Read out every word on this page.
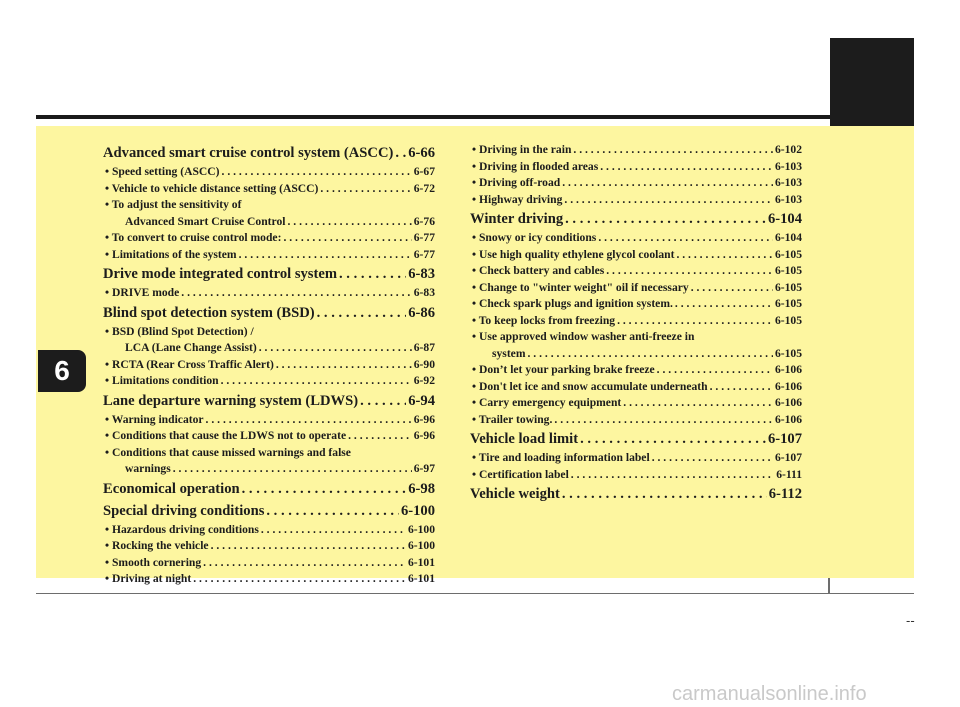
6
Advanced smart cruise control system (ASCC) . . . 6-66
• Speed setting (ASCC) . . .	6-67
• Vehicle to vehicle distance setting (ASCC) . . .	6-72
• To adjust the sensitivity of
Advanced Smart Cruise Control . . .	6-76
• To convert to cruise control mode: . . .	6-77
• Limitations of the system . . .	6-77
Drive mode integrated control system . . .	6-83
• DRIVE mode . . .	6-83
Blind spot detection system (BSD) . . .	6-86
• BSD (Blind Spot Detection) /
LCA (Lane Change Assist) . . .	6-87
• RCTA (Rear Cross Traffic Alert) . . .	6-90
• Limitations condition . . .	6-92
Lane departure warning system (LDWS) . . .	6-94
• Warning indicator . . .	6-96
• Conditions that cause the LDWS not to operate . . .	6-96
• Conditions that cause missed warnings and false
warnings . . .	6-97
Economical operation . . .	6-98
Special driving conditions . . .	6-100
• Hazardous driving conditions . . .	6-100
• Rocking the vehicle . . .	6-100
• Smooth cornering . . .	6-101
• Driving at night . . .	6-101
• Driving in the rain . . .	6-102
• Driving in flooded areas . . .	6-103
• Driving off-road . . .	6-103
• Highway driving . . .	6-103
Winter driving . . .	6-104
• Snowy or icy conditions . . .	6-104
• Use high quality ethylene glycol coolant . . .	6-105
• Check battery and cables . . .	6-105
• Change to "winter weight" oil if necessary . . .	6-105
• Check spark plugs and ignition system. . . .	6-105
• To keep locks from freezing . . .	6-105
• Use approved window washer anti-freeze in
system . . .	6-105
• Don’t let your parking brake freeze . . .	6-106
• Don't let ice and snow accumulate underneath . . .	6-106
• Carry emergency equipment . . .	6-106
• Trailer towing. . . .	6-106
Vehicle load limit . . .	6-107
• Tire and loading information label . . .	6-107
• Certification label . . .	6-111
Vehicle weight . . .	6-112
--
carmanualsonline.info
